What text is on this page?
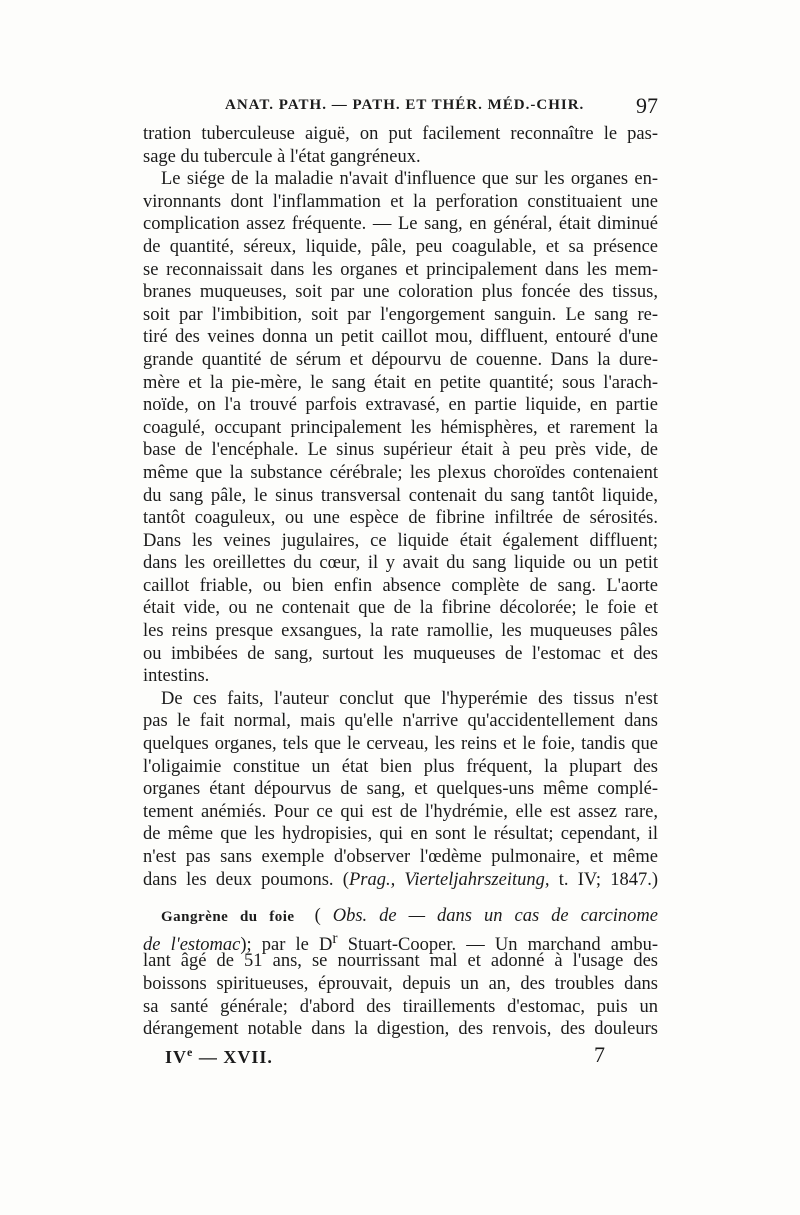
ANAT. PATH. — PATH. ET THÉR. MÉD.-CHIR. 97
tration tuberculeuse aiguë, on put facilement reconnaître le pas-
sage du tubercule à l'état gangréneux.
Le siége de la maladie n'avait d'influence que sur les organes en-
vironnants dont l'inflammation et la perforation constituaient une
complication assez fréquente. — Le sang, en général, était diminué
de quantité, séreux, liquide, pâle, peu coagulable, et sa présence
se reconnaissait dans les organes et principalement dans les mem-
branes muqueuses, soit par une coloration plus foncée des tissus,
soit par l'imbibition, soit par l'engorgement sanguin. Le sang re-
tiré des veines donna un petit caillot mou, diffluent, entouré d'une
grande quantité de sérum et dépourvu de couenne. Dans la dure-
mère et la pie-mère, le sang était en petite quantité; sous l'arach-
noïde, on l'a trouvé parfois extravasé, en partie liquide, en partie
coagulé, occupant principalement les hémisphères, et rarement la
base de l'encéphale. Le sinus supérieur était à peu près vide, de
même que la substance cérébrale; les plexus choroïdes contenaient
du sang pâle, le sinus transversal contenait du sang tantôt liquide,
tantôt coaguleux, ou une espèce de fibrine infiltrée de sérosités.
Dans les veines jugulaires, ce liquide était également diffluent;
dans les oreillettes du cœur, il y avait du sang liquide ou un petit
caillot friable, ou bien enfin absence complète de sang. L'aorte
était vide, ou ne contenait que de la fibrine décolorée; le foie et
les reins presque exsangues, la rate ramollie, les muqueuses pâles
ou imbibées de sang, surtout les muqueuses de l'estomac et des
intestins.
De ces faits, l'auteur conclut que l'hyperémie des tissus n'est
pas le fait normal, mais qu'elle n'arrive qu'accidentellement dans
quelques organes, tels que le cerveau, les reins et le foie, tandis que
l'oligaimie constitue un état bien plus fréquent, la plupart des
organes étant dépourvus de sang, et quelques-uns même complé-
tement anémiés. Pour ce qui est de l'hydrémie, elle est assez rare,
de même que les hydropisies, qui en sont le résultat; cependant, il
n'est pas sans exemple d'observer l'œdème pulmonaire, et même
dans les deux poumons. (Prag., Vierteljahrszeitung, t. IV; 1847.)
Gangrène du foie ( Obs. de — dans un cas de carcinome
de l'estomac); par le $D^r$ Stuart-Cooper. — Un marchand ambu-
lant âgé de 51 ans, se nourrissant mal et adonné à l'usage des
boissons spiritueuses, éprouvait, depuis un an, des troubles dans
sa santé générale; d'abord des tiraillements d'estomac, puis un
dérangement notable dans la digestion, des renvois, des douleurs
IVe — XVII.	7
